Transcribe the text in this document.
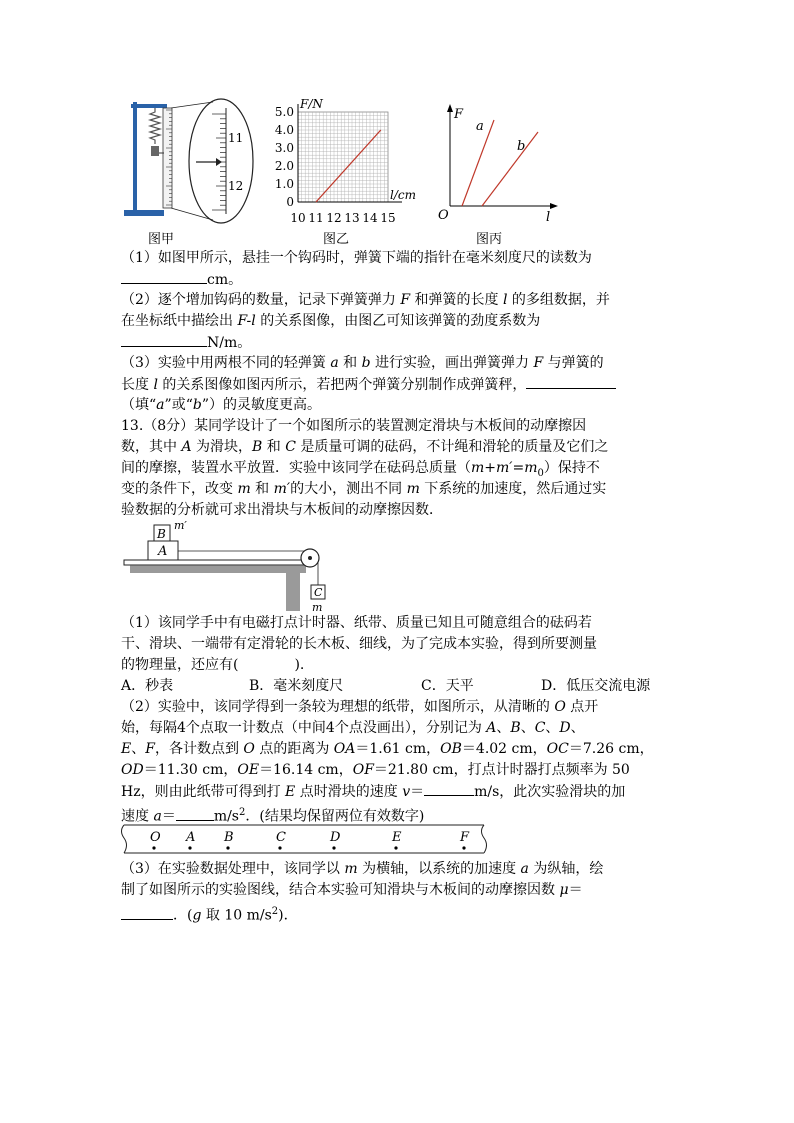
11
12
图甲
0
1.0
2.0
3.0
4.0
5.0
10 11 12 13 14 15
F/N
l/cm
图乙
F
O	l
a
b
图丙
（1）如图甲所示，悬挂一个钩码时，弹簧下端的指针在毫米刻度尺的读数为
cm。
（2）逐个增加钩码的数量，记录下弹簧弹力 F 和弹簧的长度 l 的多组数据，并
在坐标纸中描绘出 F-l 的关系图像，由图乙可知该弹簧的劲度系数为
N/m。
（3）实验中用两根不同的轻弹簧 a 和 b 进行实验，画出弹簧弹力 F 与弹簧的
长度 l 的关系图像如图丙所示，若把两个弹簧分别制作成弹簧秤，
（填“a”或“b”）的灵敏度更高。
13.（8分）某同学设计了一个如图所示的装置测定滑块与木板间的动摩擦因
数，其中 A 为滑块，B 和 C 是质量可调的砝码，不计绳和滑轮的质量及它们之
间的摩擦，装置水平放置．实验中该同学在砝码总质量$(m+m'=m_0)$保持不
变的条件下，改变 m 和 m′的大小，测出不同 m 下系统的加速度，然后通过实
验数据的分析就可求出滑块与木板间的动摩擦因数．
A
B
m′
C
m
（1）该同学手中有电磁打点计时器、纸带、质量已知且可随意组合的砝码若
干、滑块、一端带有定滑轮的长木板、细线，为了完成本实验，得到所要测量
的物理量，还应有(	).
A．秒表	B．毫米刻度尺	C．天平	D．低压交流电源
（2）实验中，该同学得到一条较为理想的纸带，如图所示，从清晰的 O 点开
始，每隔4个点取一计数点（中间4个点没画出），分别记为 A、B、C、D、
E、F，各计数点到 O 点的距离为 OA＝1.61 cm，OB＝4.02 cm，OC＝7.26 cm，
OD＝11.30 cm，OE＝16.14 cm，OF＝21.80 cm，打点计时器打点频率为 50
Hz，则由此纸带可得到打 E 点时滑块的速度 v＝	m/s，此次实验滑块的加
速度 a＝	$m/s^2$．(结果均保留两位有效数字)
O A B	C	D	E	F
（3）在实验数据处理中，该同学以 m 为横轴，以系统的加速度 a 为纵轴，绘
制了如图所示的实验图线，结合本实验可知滑块与木板间的动摩擦因数 μ＝
．(g 取 10 $m/s^2$)．
